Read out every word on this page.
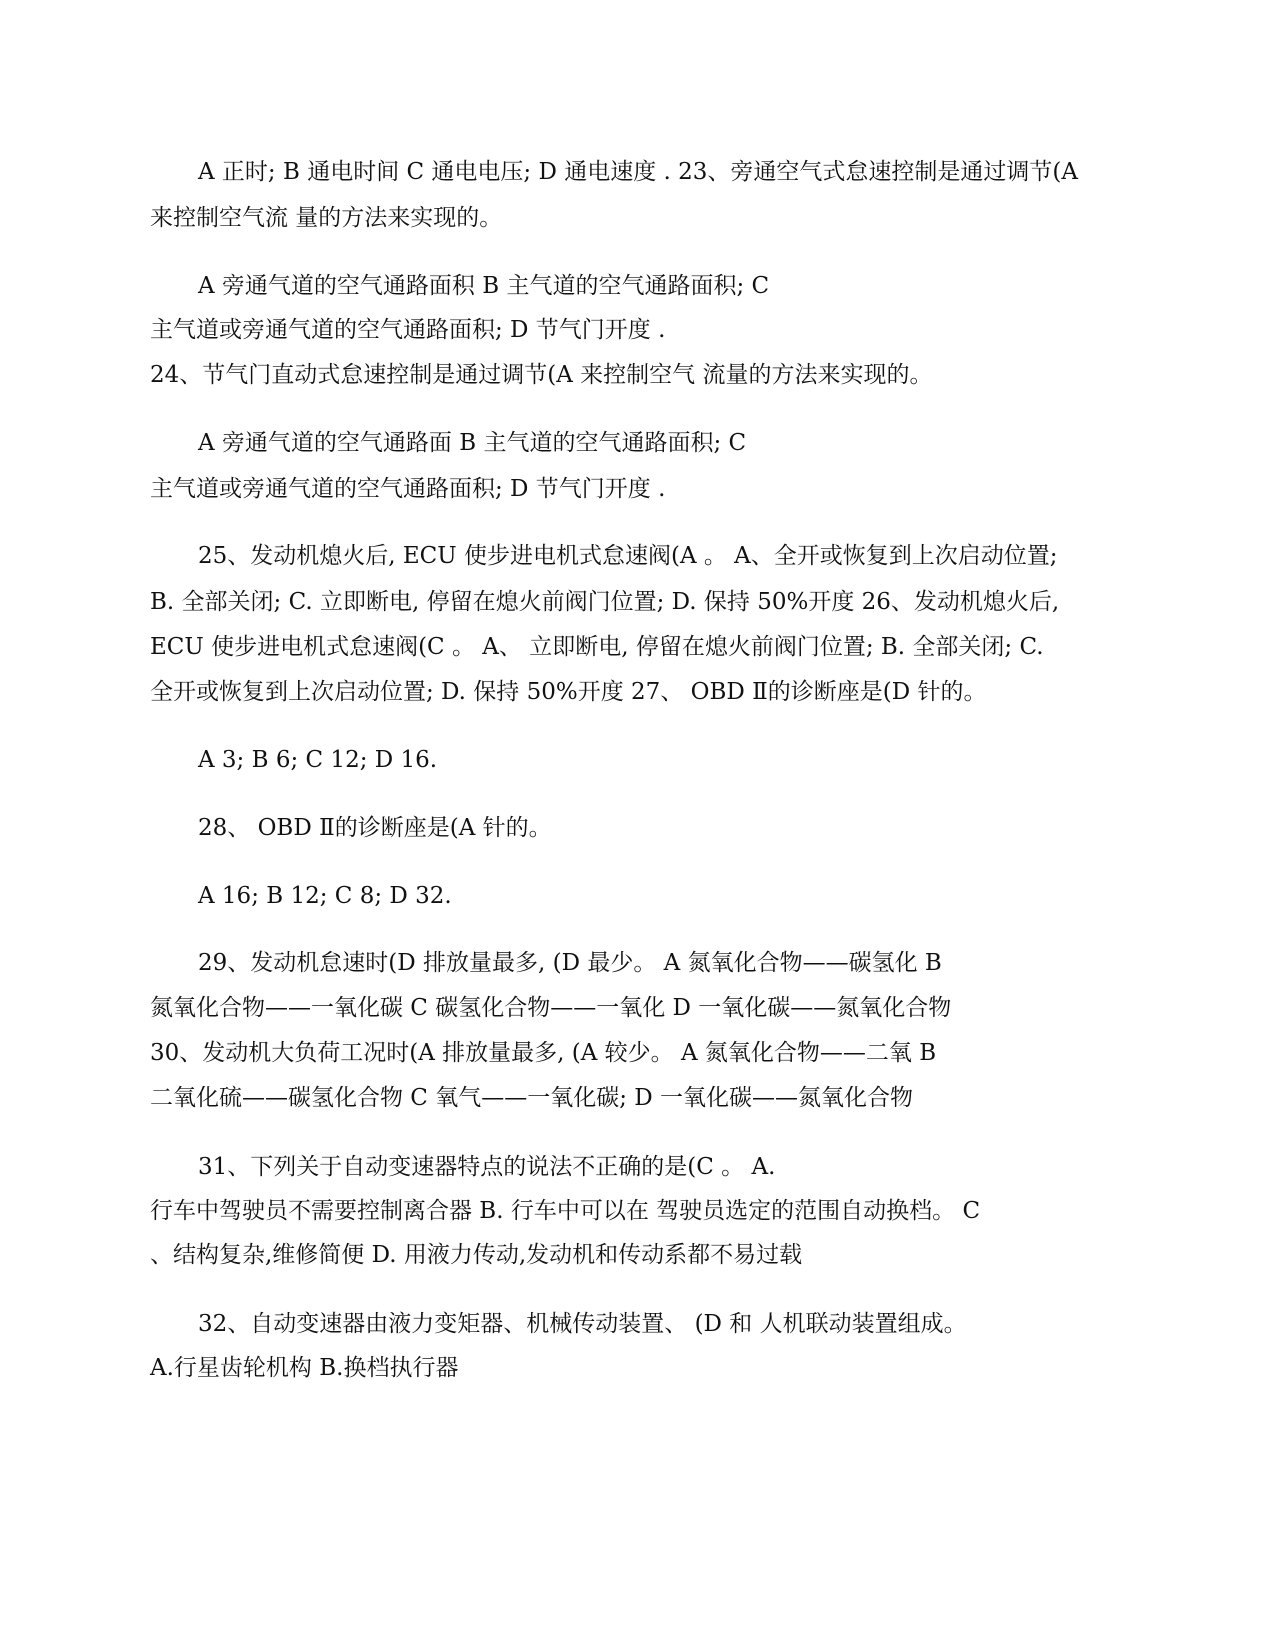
A 正时; B 通电时间 C 通电电压; D 通电速度 . 23、旁通空气式怠速控制是通过调节(A
来控制空气流 量的方法来实现的。
A 旁通气道的空气通路面积 B 主气道的空气通路面积; C
主气道或旁通气道的空气通路面积; D 节气门开度 .
24、节气门直动式怠速控制是通过调节(A 来控制空气 流量的方法来实现的。
A 旁通气道的空气通路面 B 主气道的空气通路面积; C
主气道或旁通气道的空气通路面积; D 节气门开度 .
25、发动机熄火后, ECU 使步进电机式怠速阀(A 。 A、全开或恢复到上次启动位置;
B. 全部关闭; C. 立即断电, 停留在熄火前阀门位置; D. 保持 50%开度 26、发动机熄火后,
ECU 使步进电机式怠速阀(C 。 A、 立即断电, 停留在熄火前阀门位置; B. 全部关闭; C.
全开或恢复到上次启动位置; D. 保持 50%开度 27、 OBD Ⅱ的诊断座是(D 针的。
A 3; B 6; C 12; D 16.
28、 OBD Ⅱ的诊断座是(A 针的。
A 16; B 12; C 8; D 32.
29、发动机怠速时(D 排放量最多, (D 最少。 A 氮氧化合物——碳氢化 B
氮氧化合物——一氧化碳 C 碳氢化合物——一氧化 D 一氧化碳——氮氧化合物
30、发动机大负荷工况时(A 排放量最多, (A 较少。 A 氮氧化合物——二氧 B
二氧化硫——碳氢化合物 C 氧气——一氧化碳; D 一氧化碳——氮氧化合物
31、下列关于自动变速器特点的说法不正确的是(C 。 A.
行车中驾驶员不需要控制离合器 B. 行车中可以在 驾驶员选定的范围自动换档。 C
、结构复杂,维修简便 D. 用液力传动,发动机和传动系都不易过载
32、自动变速器由液力变矩器、机械传动装置、 (D 和 人机联动装置组成。
A.行星齿轮机构 B.换档执行器
